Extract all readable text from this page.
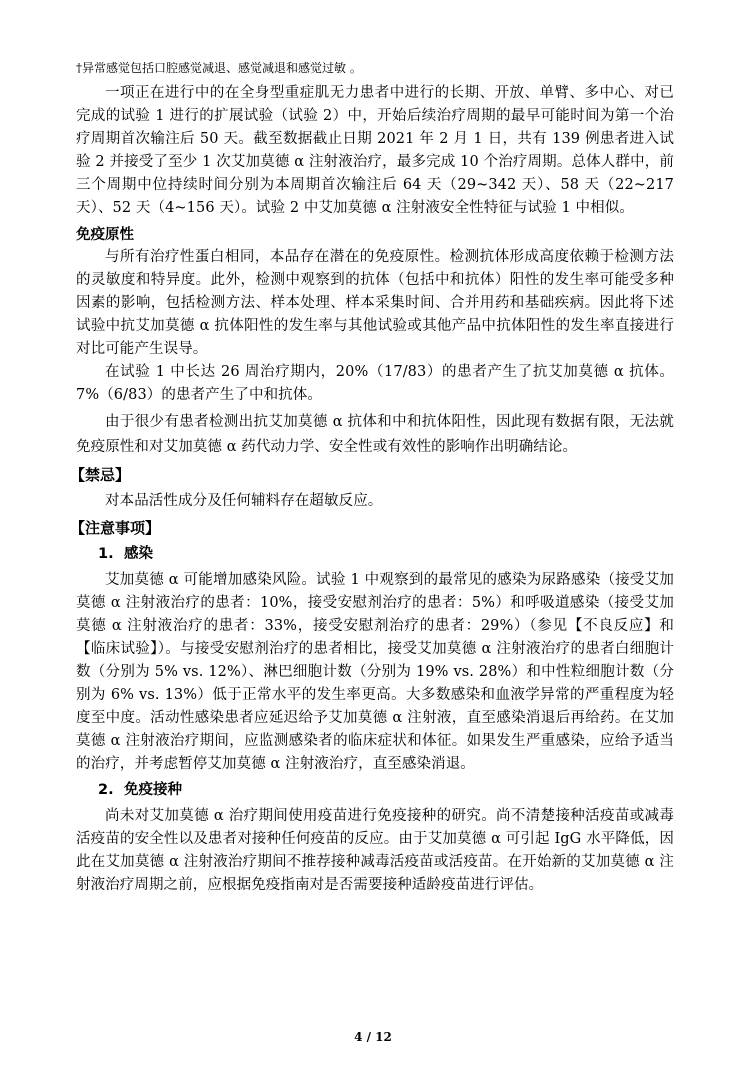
†异常感觉包括口腔感觉减退、感觉减退和感觉过敏 。

一项正在进行中的在全身型重症肌无力患者中进行的长期、开放、单臂、多中心、对已完成的试验 1 进行的扩展试验（试验 2）中，开始后续治疗周期的最早可能时间为第一个治疗周期首次输注后 50 天。截至数据截止日期 2021 年 2 月 1 日，共有 139 例患者进入试验 2 并接受了至少 1 次艾加莫德 α 注射液治疗，最多完成 10 个治疗周期。总体人群中，前三个周期中位持续时间分别为本周期首次输注后 64 天（29~342 天）、58 天（22~217 天）、52 天（4~156 天）。试验 2 中艾加莫德 α 注射液安全性特征与试验 1 中相似。

免疫原性

与所有治疗性蛋白相同，本品存在潜在的免疫原性。检测抗体形成高度依赖于检测方法的灵敏度和特异度。此外，检测中观察到的抗体（包括中和抗体）阳性的发生率可能受多种因素的影响，包括检测方法、样本处理、样本采集时间、合并用药和基础疾病。因此将下述试验中抗艾加莫德 α 抗体阳性的发生率与其他试验或其他产品中抗体阳性的发生率直接进行对比可能产生误导。

在试验 1 中长达 26 周治疗期内，20%（17/83）的患者产生了抗艾加莫德 α 抗体。7%（6/83）的患者产生了中和抗体。

由于很少有患者检测出抗艾加莫德 α 抗体和中和抗体阳性，因此现有数据有限，无法就免疫原性和对艾加莫德 α 药代动力学、安全性或有效性的影响作出明确结论。

【禁忌】

对本品活性成分及任何辅料存在超敏反应。

【注意事项】
1. 感染

艾加莫德 α 可能增加感染风险。试验 1 中观察到的最常见的感染为尿路感染（接受艾加莫德 α 注射液治疗的患者：10%，接受安慰剂治疗的患者：5%）和呼吸道感染（接受艾加莫德 α 注射液治疗的患者：33%，接受安慰剂治疗的患者：29%）（参见【不良反应】和【临床试验】）。与接受安慰剂治疗的患者相比，接受艾加莫德 α 注射液治疗的患者白细胞计数（分别为 5% vs. 12%）、淋巴细胞计数（分别为 19% vs. 28%）和中性粒细胞计数（分别为 6% vs. 13%）低于正常水平的发生率更高。大多数感染和血液学异常的严重程度为轻度至中度。活动性感染患者应延迟给予艾加莫德 α 注射液，直至感染消退后再给药。在艾加莫德 α 注射液治疗期间，应监测感染者的临床症状和体征。如果发生严重感染，应给予适当的治疗，并考虑暂停艾加莫德 α 注射液治疗，直至感染消退。

2. 免疫接种

尚未对艾加莫德 α 治疗期间使用疫苗进行免疫接种的研究。尚不清楚接种活疫苗或减毒活疫苗的安全性以及患者对接种任何疫苗的反应。由于艾加莫德 α 可引起 IgG 水平降低，因此在艾加莫德 α 注射液治疗期间不推荐接种减毒活疫苗或活疫苗。在开始新的艾加莫德 α 注射液治疗周期之前，应根据免疫指南对是否需要接种适龄疫苗进行评估。

4 / 12
